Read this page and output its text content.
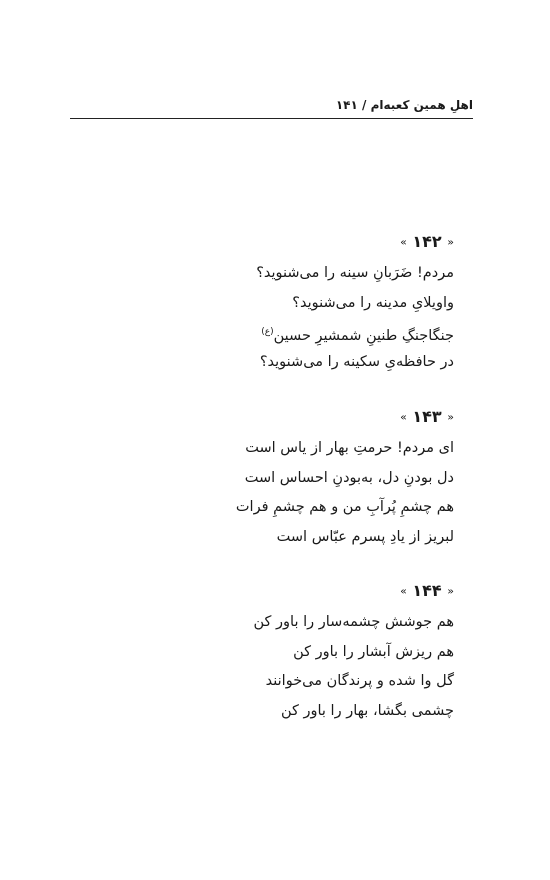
اهلِ همین کعبه‌ام / ۱۴۱
« ۱۴۲ »
مردم! ضَرَبانِ سینه را می‌شنوید؟
واویلایِ مدینه را می‌شنوید؟
جنگاجنگِ طنینِ شمشیرِ حسین$^{(ع)}$
در حافظه‌یِ سکینه را می‌شنوید؟
« ۱۴۳ »
ای مردم! حرمتِ بهار از یاس است
دل بودنِ دل، به‌بودنِ احساس است
هم چشمِ پُرآبِ من و هم چشمِ فرات
لبریز از یادِ پسرم عبّاس است
« ۱۴۴ »
هم جوشش چشمه‌سار را باور کن
هم ریزش آبشار را باور کن
گل وا شده و پرندگان می‌خوانند
چشمی بگشا، بهار را باور کن
